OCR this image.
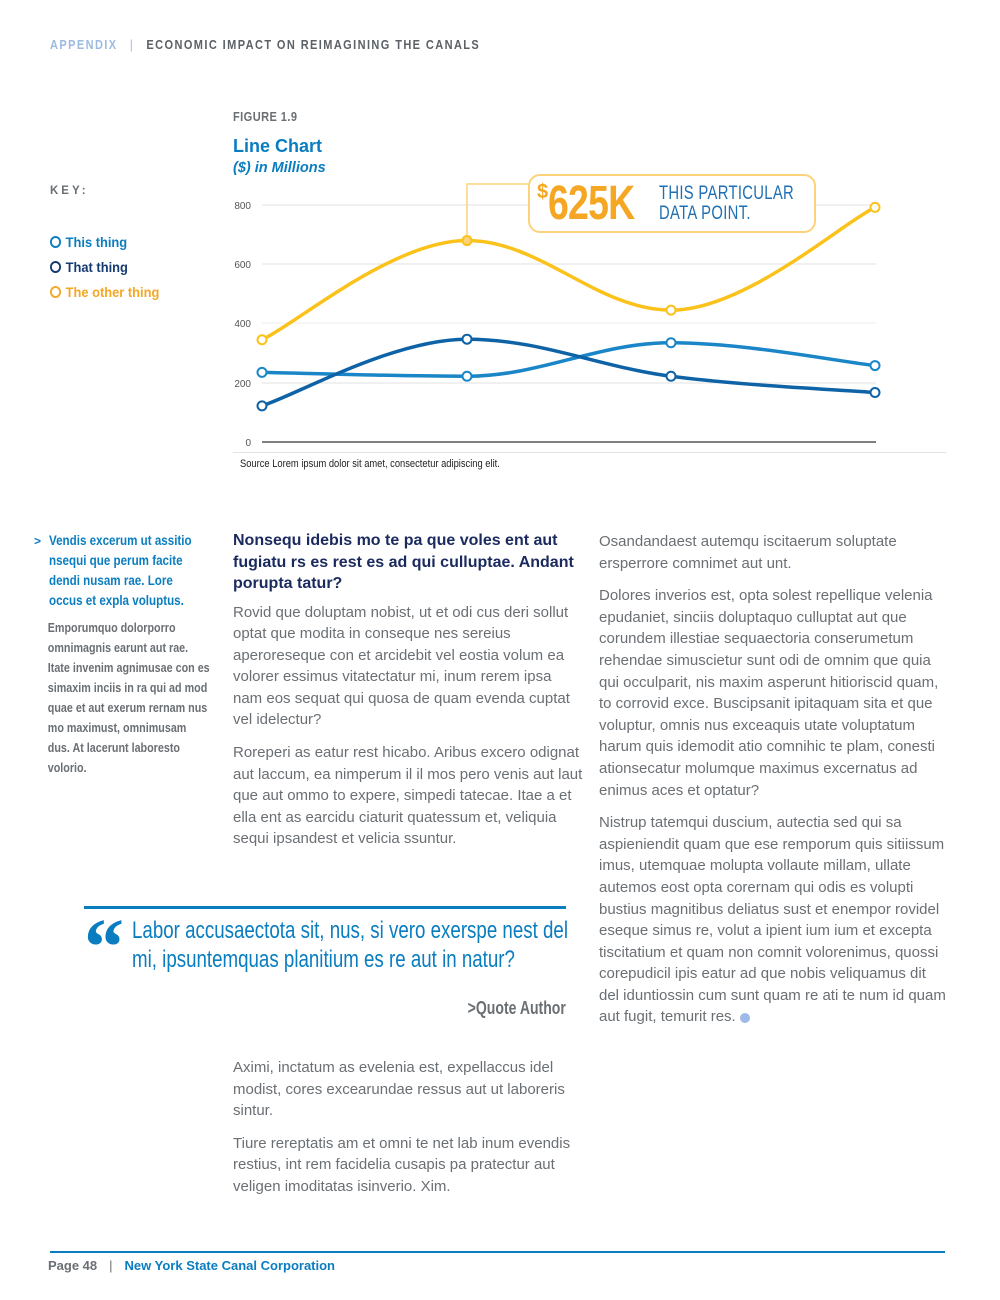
APPENDIX | ECONOMIC IMPACT ON REIMAGINING THE CANALS
FIGURE 1.9
Line Chart
($) in Millions
KEY:
This thing
That thing
The other thing
800
600
400
200
0
$ 625K THIS PARTICULAR
DATA POINT.
Source Lorem ipsum dolor sit amet, consectetur adipiscing elit.
> Vendis excerum ut assitio nsequi que perum facite dendi nusam rae. Lore occus et expla voluptus.
Emporumquo dolorporro omnimagnis earunt aut rae. Itate invenim agnimusae con es simaxim inciis in ra qui ad mod quae et aut exerum rernam nus mo maximust, omnimusam dus. At lacerunt laboresto volorio.
Nonsequ idebis mo te pa que voles ent aut fugiatu rs es rest es ad qui culluptae. Andant porupta tatur?

Rovid que doluptam nobist, ut et odi cus deri sollut optat que modita in conseque nes sereius aperoreseque con et arcidebit vel eostia volum ea volorer essimus vitatectatur mi, inum rerem ipsa nam eos sequat qui quosa de quam evenda cuptat vel idelectur?

Roreperi as eatur rest hicabo. Aribus excero odignat aut laccum, ea nimperum il il mos pero venis aut laut que aut ommo to expere, simpedi tatecae. Itae a et ella ent as earcidu ciaturit quatessum et, veliquia sequi ipsandest et velicia ssuntur.

“ Labor accusaectota sit, nus, si vero exerspe nest del mi, ipsuntemquas planitium es re aut in natur?
>Quote Author

Aximi, inctatum as evelenia est, expellaccus idel modist, cores excearundae ressus aut ut laboreris sintur.

Tiure rereptatis am et omni te net lab inum evendis restius, int rem facidelia cusapis pa pratectur aut veligen imoditatas isinverio. Xim.

Osandandaest autemqu iscitaerum soluptate ersperrore comnimet aut unt.

Dolores inverios est, opta solest repellique velenia epudaniet, sinciis doluptaquo culluptat aut que corundem illestiae sequaectoria conserumetum rehendae simuscietur sunt odi de omnim que quia qui occulparit, nis maxim asperunt hitioriscid quam, to corrovid exce. Buscipsanit ipitaquam sita et que voluptur, omnis nus exceaquis utate voluptatum harum quis idemodit atio comnihic te plam, conesti ationsecatur molumque maximus excernatus ad enimus aces et optatur?

Nistrup tatemqui duscium, autectia sed qui sa aspieniendit quam que ese remporum quis sitiissum imus, utemquae molupta vollaute millam, ullate autemos eost opta corernam qui odis es volupti bustius magnitibus deliatus sust et enempor rovidel eseque simus re, volut a ipient ium ium et excepta tiscitatium et quam non comnit volorenimus, quossi corepudicil ipis eatur ad que nobis veliquamus dit del iduntiossin cum sunt quam re ati te num id quam aut fugit, temurit res.

Page 48 | New York State Canal Corporation
